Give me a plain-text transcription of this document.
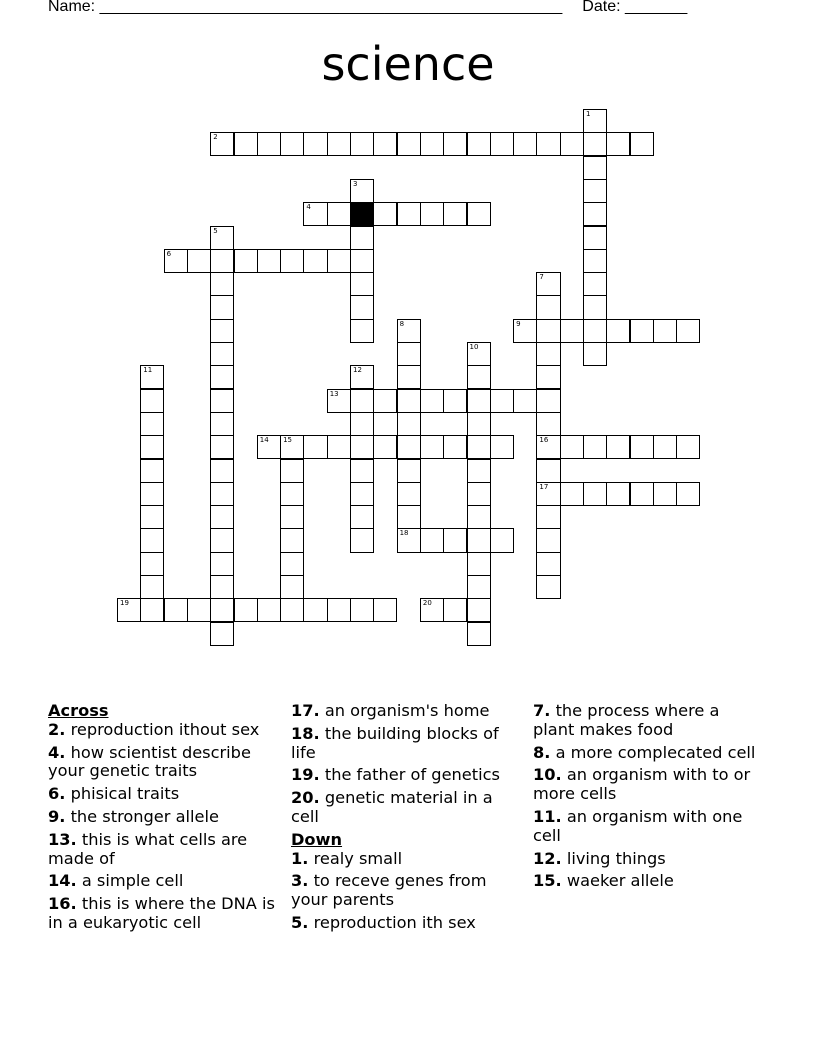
Name: ____________________________________________________ Date: _______
science
2
4
6
9
13
14 15	16
17
18
19	20
1
3
5
7
8
10
11	12

Across

2. reproduction ithout sex

4. how scientist describe your genetic traits

6. phisical traits

9. the stronger allele

13. this is what cells are made of

14. a simple cell

16. this is where the DNA is in a eukaryotic cell

17. an organism's home

18. the building blocks of life

19. the father of genetics

20. genetic material in a cell

Down

1. realy small

3. to receve genes from your parents

5. reproduction ith sex

7. the process where a plant makes food

8. a more complecated cell

10. an organism with to or more cells

11. an organism with one cell

12. living things

15. waeker allele
